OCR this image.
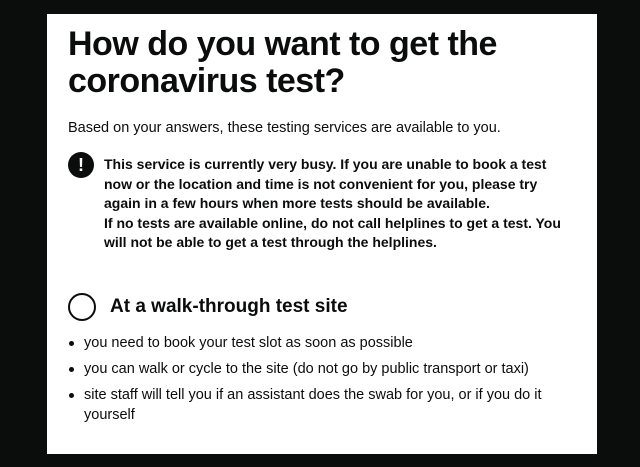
How do you want to get the coronavirus test?

Based on your answers, these testing services are available to you.

!	This service is currently very busy. If you are unable to book a test now or the location and time is not convenient for you, please try again in a few hours when more tests should be available.

If no tests are available online, do not call helplines to get a test. You will not be able to get a test through the helplines.

At a walk-through test site
you need to book your test slot as soon as possible
you can walk or cycle to the site (do not go by public transport or taxi)
site staff will tell you if an assistant does the swab for you, or if you do it yourself
